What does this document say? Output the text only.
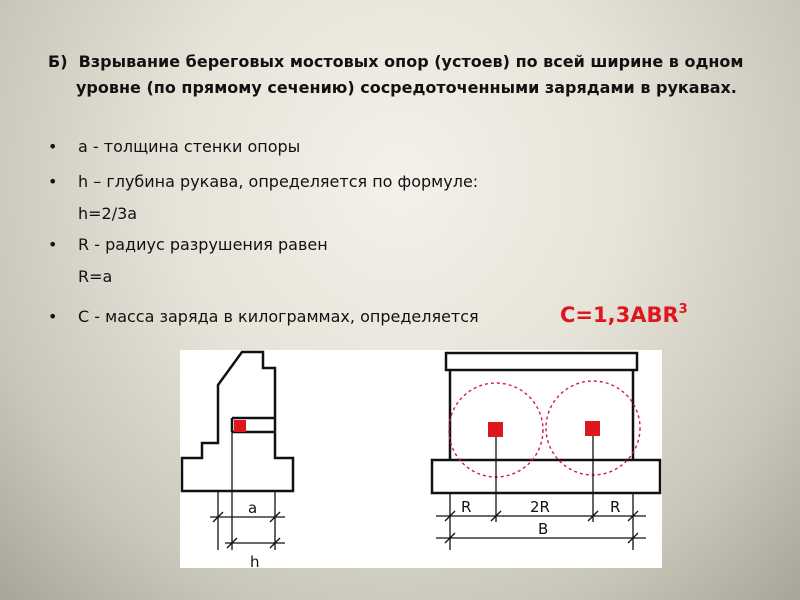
Б) Взрывание береговых мостовых опор (устоев) по всей ширине в одном уровне (по прямому сечению) сосредоточенными зарядами в рукавах.
• a - толщина стенки опоры
• h – глубина рукава, определяется по формуле:
h=2/3a
• R - радиус разрушения равен
R=a
• C - масса заряда в килограммах, определяется	$C=1,3ABR^3$
a
h
R	2R	R
B
